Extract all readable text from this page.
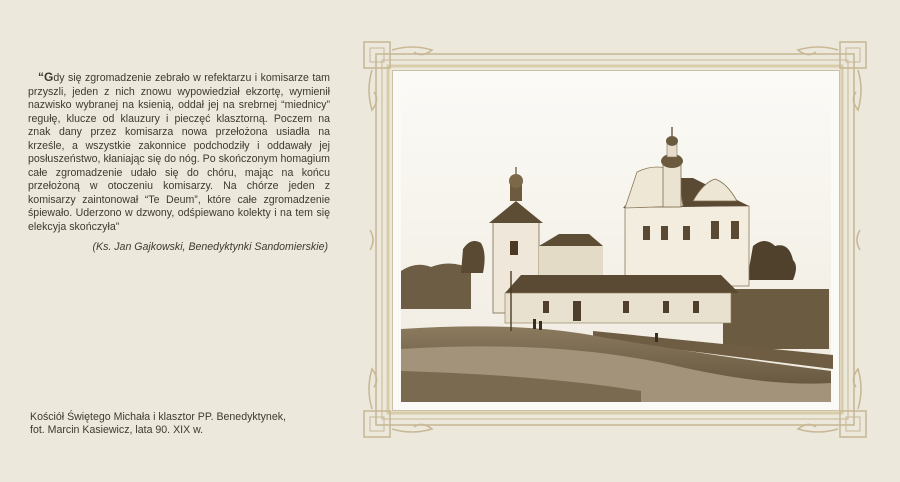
“Gdy się zgromadzenie zebrało w refektarzu i komisarze tam przyszli, jeden z nich znowu wypowiedział ekzortę, wymienił nazwisko wybranej na ksienią, oddał jej na srebrnej “miednicy” regułę, klucze od klauzury i pieczęć klasztorną. Poczem na znak dany przez komisarza nowa przełożona usiadła na krześle, a wszystkie zakonnice podchodziły i oddawały jej posłuszeństwo, kłaniając się do nóg. Po skończonym homagium całe zgromadzenie udało się do chóru, mając na końcu przełożoną w otoczeniu komisarzy. Na chórze jeden z komisarzy zaintonował “Te Deum”, które całe zgromadzenie śpiewało. Uderzono w dzwony, odśpiewano kolekty i na tem się elekcyja skończyła”

(Ks. Jan Gajkowski, Benedyktynki Sandomierskie)
Kościół Świętego Michała i klasztor PP. Benedyktynek,
fot. Marcin Kasiewicz, lata 90. XIX w.
